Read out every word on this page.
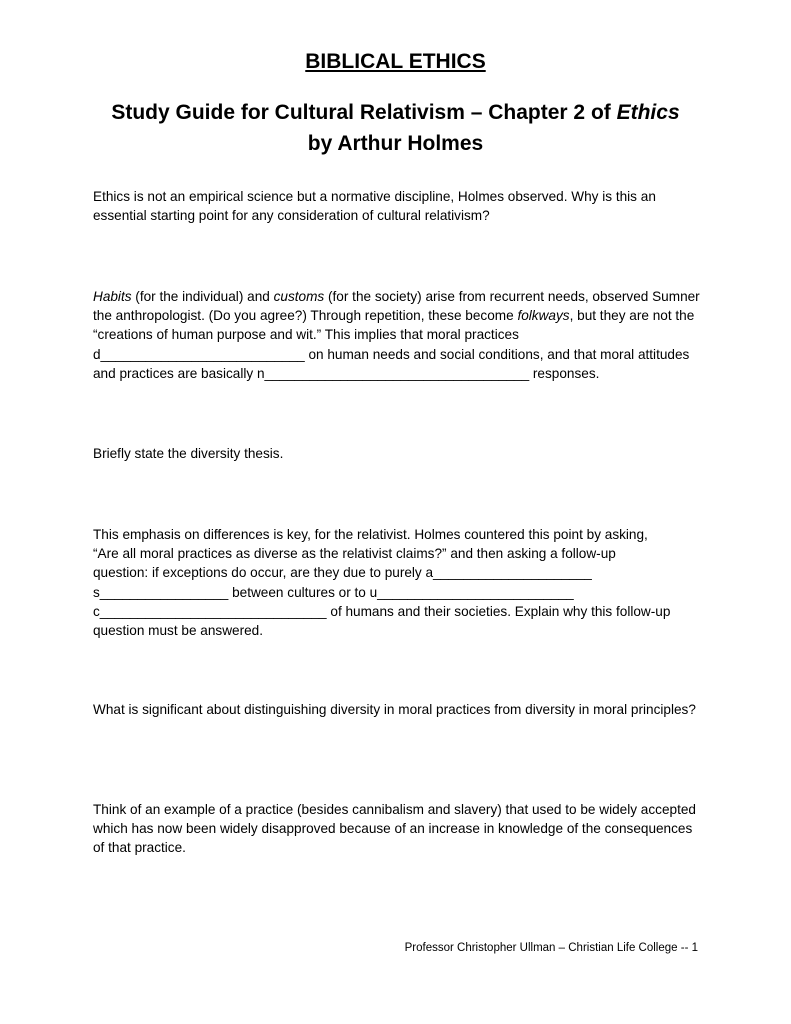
BIBLICAL ETHICS
Study Guide for Cultural Relativism – Chapter 2 of Ethics
by Arthur Holmes

Ethics is not an empirical science but a normative discipline, Holmes observed. Why is this an essential starting point for any consideration of cultural relativism?

Habits (for the individual) and customs (for the society) arise from recurrent needs, observed Sumner the anthropologist. (Do you agree?) Through repetition, these become folkways, but they are not the “creations of human purpose and wit.” This implies that moral practices d___________________________ on human needs and social conditions, and that moral attitudes and practices are basically n___________________________________ responses.

Briefly state the diversity thesis.

This emphasis on differences is key, for the relativist. Holmes countered this point by asking,
“Are all moral practices as diverse as the relativist claims?” and then asking a follow-up
question: if exceptions do occur, are they due to purely a_____________________
s_________________ between cultures or to u__________________________
c______________________________ of humans and their societies. Explain why this follow-up
question must be answered.

What is significant about distinguishing diversity in moral practices from diversity in moral principles?

Think of an example of a practice (besides cannibalism and slavery) that used to be widely accepted which has now been widely disapproved because of an increase in knowledge of the consequences of that practice.

Professor Christopher Ullman – Christian Life College -- 1
